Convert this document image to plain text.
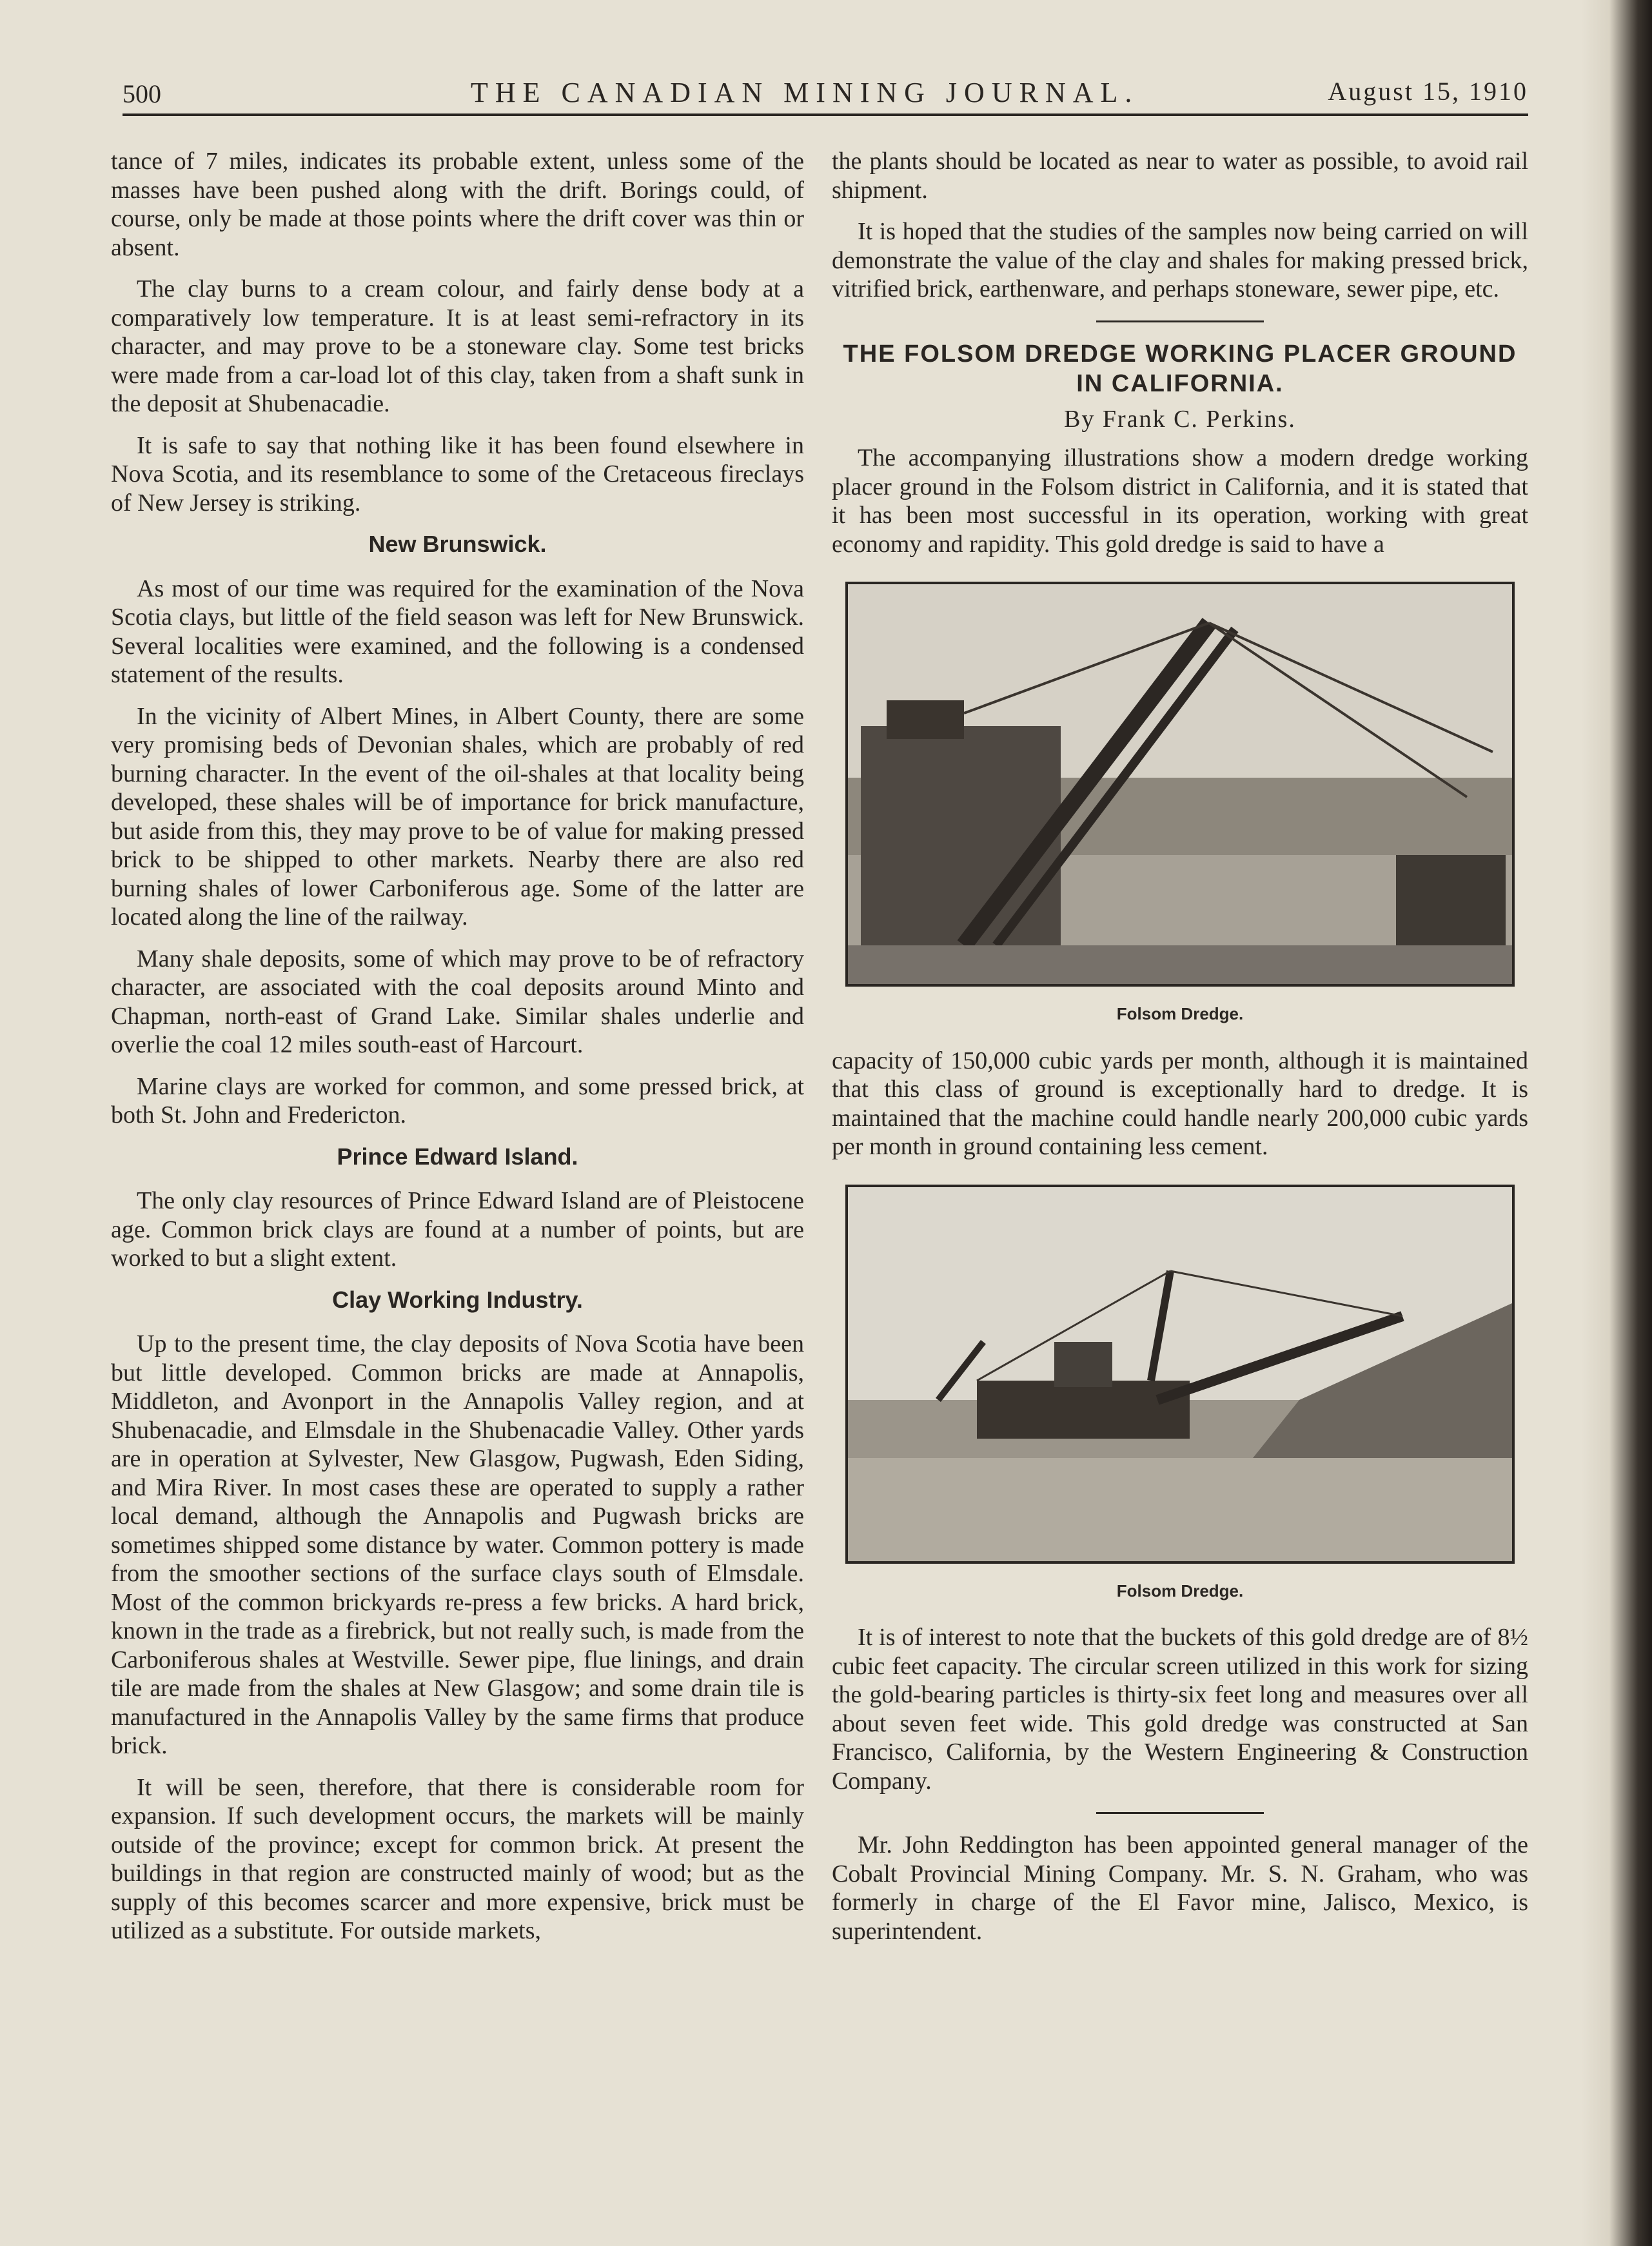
500	THE CANADIAN MINING JOURNAL.	August 15, 1910

tance of 7 miles, indicates its probable extent, unless some of the masses have been pushed along with the drift. Borings could, of course, only be made at those points where the drift cover was thin or absent.

The clay burns to a cream colour, and fairly dense body at a comparatively low temperature. It is at least semi-refractory in its character, and may prove to be a stoneware clay. Some test bricks were made from a car-load lot of this clay, taken from a shaft sunk in the deposit at Shubenacadie.

It is safe to say that nothing like it has been found elsewhere in Nova Scotia, and its resemblance to some of the Cretaceous fireclays of New Jersey is striking.

New Brunswick.

As most of our time was required for the examination of the Nova Scotia clays, but little of the field season was left for New Brunswick. Several localities were examined, and the following is a condensed statement of the results.

In the vicinity of Albert Mines, in Albert County, there are some very promising beds of Devonian shales, which are probably of red burning character. In the event of the oil-shales at that locality being developed, these shales will be of importance for brick manufacture, but aside from this, they may prove to be of value for making pressed brick to be shipped to other markets. Nearby there are also red burning shales of lower Carboniferous age. Some of the latter are located along the line of the railway.

Many shale deposits, some of which may prove to be of refractory character, are associated with the coal deposits around Minto and Chapman, north-east of Grand Lake. Similar shales underlie and overlie the coal 12 miles south-east of Harcourt.

Marine clays are worked for common, and some pressed brick, at both St. John and Fredericton.

Prince Edward Island.

The only clay resources of Prince Edward Island are of Pleistocene age. Common brick clays are found at a number of points, but are worked to but a slight extent.

Clay Working Industry.

Up to the present time, the clay deposits of Nova Scotia have been but little developed. Common bricks are made at Annapolis, Middleton, and Avonport in the Annapolis Valley region, and at Shubenacadie, and Elmsdale in the Shubenacadie Valley. Other yards are in operation at Sylvester, New Glasgow, Pugwash, Eden Siding, and Mira River. In most cases these are operated to supply a rather local demand, although the Annapolis and Pugwash bricks are sometimes shipped some distance by water. Common pottery is made from the smoother sections of the surface clays south of Elmsdale. Most of the common brickyards re-press a few bricks. A hard brick, known in the trade as a firebrick, but not really such, is made from the Carboniferous shales at Westville. Sewer pipe, flue linings, and drain tile are made from the shales at New Glasgow; and some drain tile is manufactured in the Annapolis Valley by the same firms that produce brick.

It will be seen, therefore, that there is considerable room for expansion. If such development occurs, the markets will be mainly outside of the province; except for common brick. At present the buildings in that region are constructed mainly of wood; but as the supply of this becomes scarcer and more expensive, brick must be utilized as a substitute. For outside markets,

the plants should be located as near to water as possible, to avoid rail shipment.

It is hoped that the studies of the samples now being carried on will demonstrate the value of the clay and shales for making pressed brick, vitrified brick, earthenware, and perhaps stoneware, sewer pipe, etc.

THE FOLSOM DREDGE WORKING PLACER GROUND IN CALIFORNIA.
By Frank C. Perkins.

The accompanying illustrations show a modern dredge working placer ground in the Folsom district in California, and it is stated that it has been most successful in its operation, working with great economy and rapidity. This gold dredge is said to have a

Folsom Dredge.

capacity of 150,000 cubic yards per month, although it is maintained that this class of ground is exceptionally hard to dredge. It is maintained that the machine could handle nearly 200,000 cubic yards per month in ground containing less cement.

Folsom Dredge.

It is of interest to note that the buckets of this gold dredge are of 8½ cubic feet capacity. The circular screen utilized in this work for sizing the gold-bearing particles is thirty-six feet long and measures over all about seven feet wide. This gold dredge was constructed at San Francisco, California, by the Western Engineering & Construction Company.

Mr. John Reddington has been appointed general manager of the Cobalt Provincial Mining Company. Mr. S. N. Graham, who was formerly in charge of the El Favor mine, Jalisco, Mexico, is superintendent.
